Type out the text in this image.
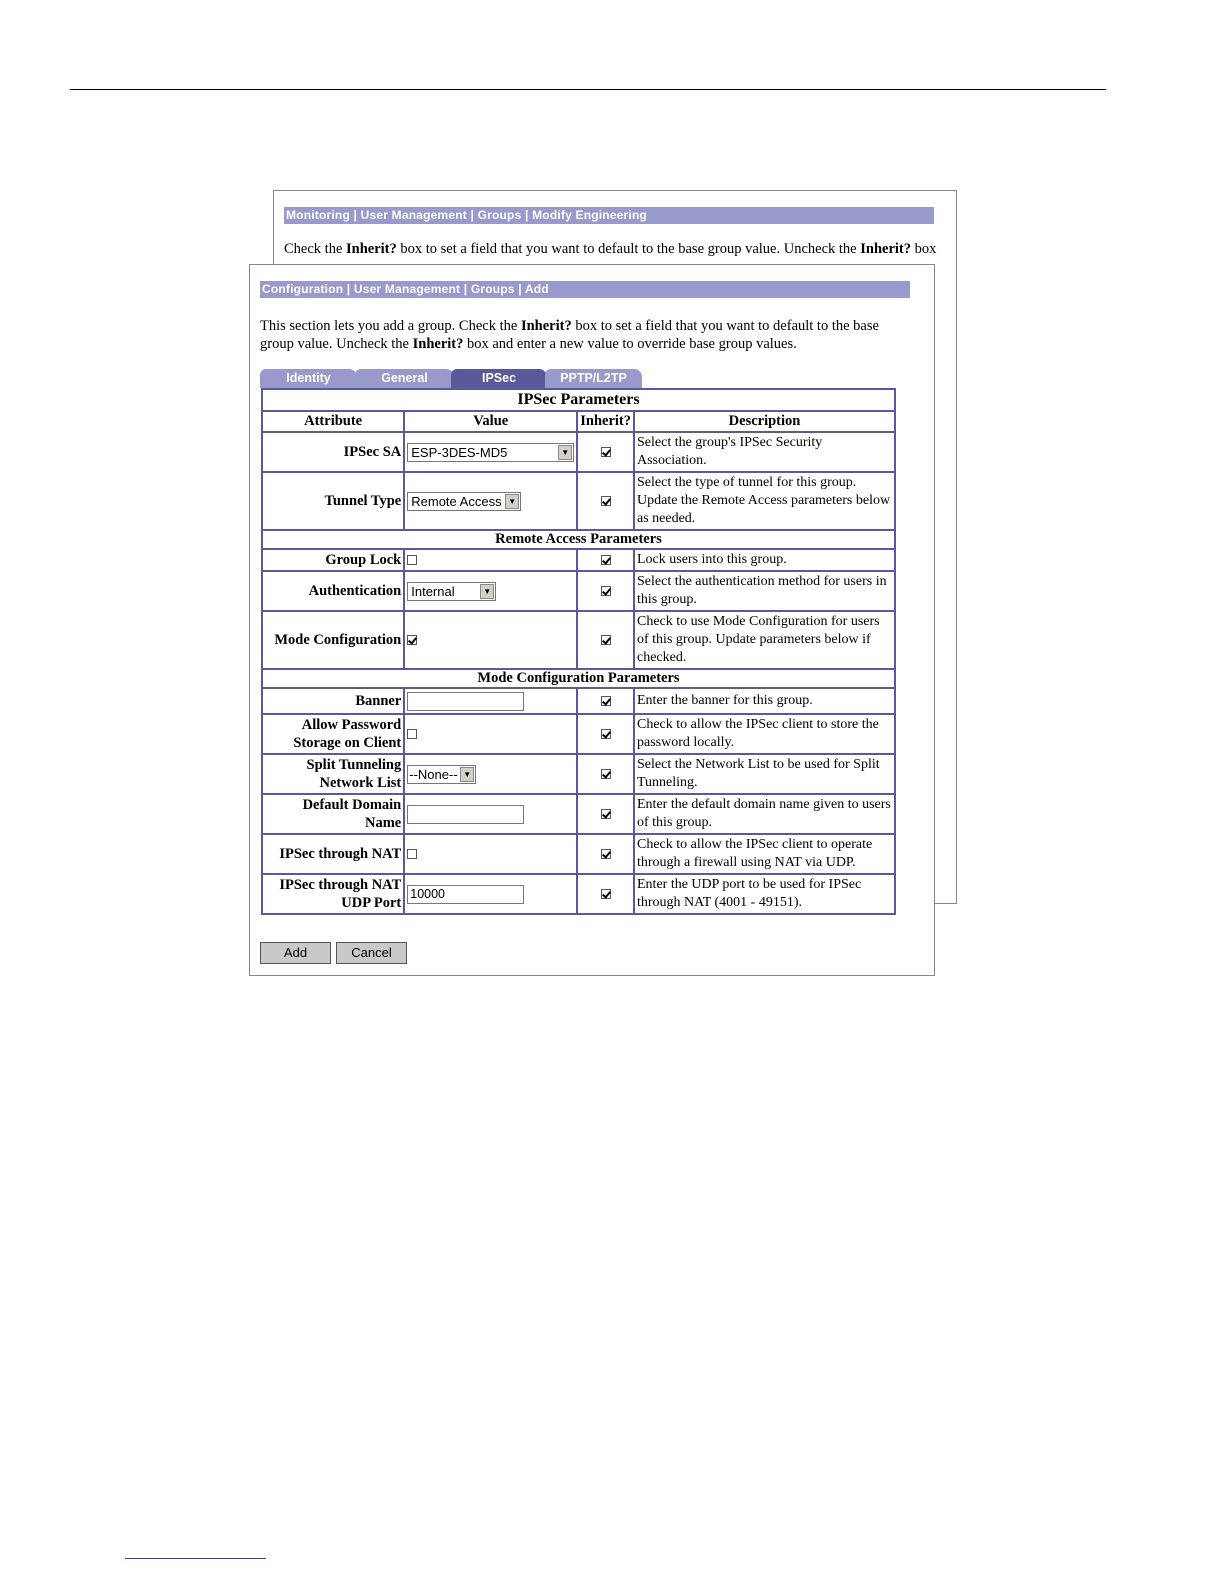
Monitoring | User Management | Groups | Modify Engineering
Check the Inherit? box to set a field that you want to default to the base group value. Uncheck the Inherit? box
Configuration | User Management | Groups | Add
This section lets you add a group. Check the Inherit? box to set a field that you want to default to the base group value. Uncheck the Inherit? box and enter a new value to override base group values.
Identity	General	IPSec	PPTP/L2TP
IPSec Parameters			
Attribute	Value	Inherit?	Description
IPSec SA	ESP-3DES-MD5 ▼		Select the group's IPSec Security Association.
Tunnel Type	Remote Access ▼		Select the type of tunnel for this group. Update the Remote Access parameters below as needed.
Remote Access Parameters			
Group Lock			Lock users into this group.
Authentication	Internal ▼		Select the authentication method for users in this group.
Mode Configuration			Check to use Mode Configuration for users of this group. Update parameters below if checked.
Mode Configuration Parameters			
Banner			Enter the banner for this group.
Allow Password
Storage on Client			Check to allow the IPSec client to store the password locally.
Split Tunneling
Network List	--None-- ▼		Select the Network List to be used for Split Tunneling.
Default Domain
Name			Enter the default domain name given to users of this group.
IPSec through NAT			Check to allow the IPSec client to operate through a firewall using NAT via UDP.
IPSec through NAT
UDP Port	10000		Enter the UDP port to be used for IPSec through NAT (4001 - 49151).
Add	Cancel
